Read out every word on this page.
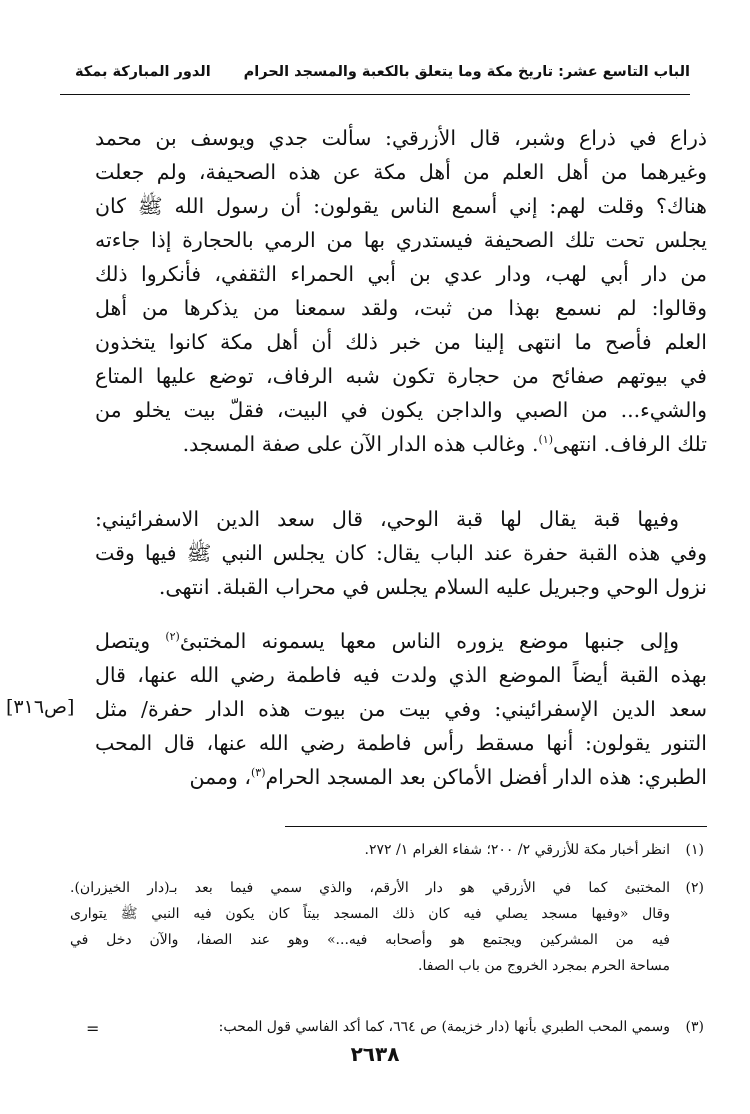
الباب التاسع عشر: تاريخ مكة وما يتعلق بالكعبة والمسجد الحرام
الدور المباركة بمكة
ذراع في ذراع وشبر، قال الأزرقي: سألت جدي ويوسف بن محمد
وغيرهما من أهل العلم من أهل مكة عن هذه الصحيفة، ولم جعلت
هناك؟ وقلت لهم: إني أسمع الناس يقولون: أن رسول الله ﷺ كان
يجلس تحت تلك الصحيفة فيستدري بها من الرمي بالحجارة إذا جاءته
من دار أبي لهب، ودار عدي بن أبي الحمراء الثقفي، فأنكروا ذلك
وقالوا: لم نسمع بهذا من ثبت، ولقد سمعنا من يذكرها من أهل
العلم فأصح ما انتهى إلينا من خبر ذلك أن أهل مكة كانوا يتخذون
في بيوتهم صفائح من حجارة تكون شبه الرفاف، توضع عليها المتاع
والشيء... من الصبي والداجن يكون في البيت، فقلّ بيت يخلو من
تلك الرفاف. انتهى$^{(١)}$. وغالب هذه الدار الآن على صفة المسجد.
وفيها قبة يقال لها قبة الوحي، قال سعد الدين الاسفرائيني:
وفي هذه القبة حفرة عند الباب يقال: كان يجلس النبي ﷺ فيها وقت
نزول الوحي وجبريل عليه السلام يجلس في محراب القبلة. انتهى.
وإلى جنبها موضع يزوره الناس معها يسمونه المختبئ$^{(٢)}$ ويتصل
بهذه القبة أيضاً الموضع الذي ولدت فيه فاطمة رضي الله عنها، قال
سعد الدين الإسفرائيني: وفي بيت من بيوت هذه الدار حفرة/ مثل
التنور يقولون: أنها مسقط رأس فاطمة رضي الله عنها، قال المحب
الطبري: هذه الدار أفضل الأماكن بعد المسجد الحرام$^{(٣)}$، وممن
[ص٣١٦]
(١)
انظر أخبار مكة للأزرقي ٢/ ٢٠٠؛ شفاء الغرام ١/ ٢٧٢.
(٢)
المختبئ كما في الأزرقي هو دار الأرقم، والذي سمي فيما بعد بـ(دار الخيزران).
وقال «وفيها مسجد يصلي فيه كان ذلك المسجد بيتاً كان يكون فيه النبي ﷺ يتوارى
فيه من المشركين ويجتمع هو وأصحابه فيه...» وهو عند الصفا، والآن دخل في
مساحة الحرم بمجرد الخروج من باب الصفا.
(٣)
وسمي المحب الطبري بأنها (دار خزيمة) ص ٦٦٤، كما أكد الفاسي قول المحب:
=
٢٦٣٨
